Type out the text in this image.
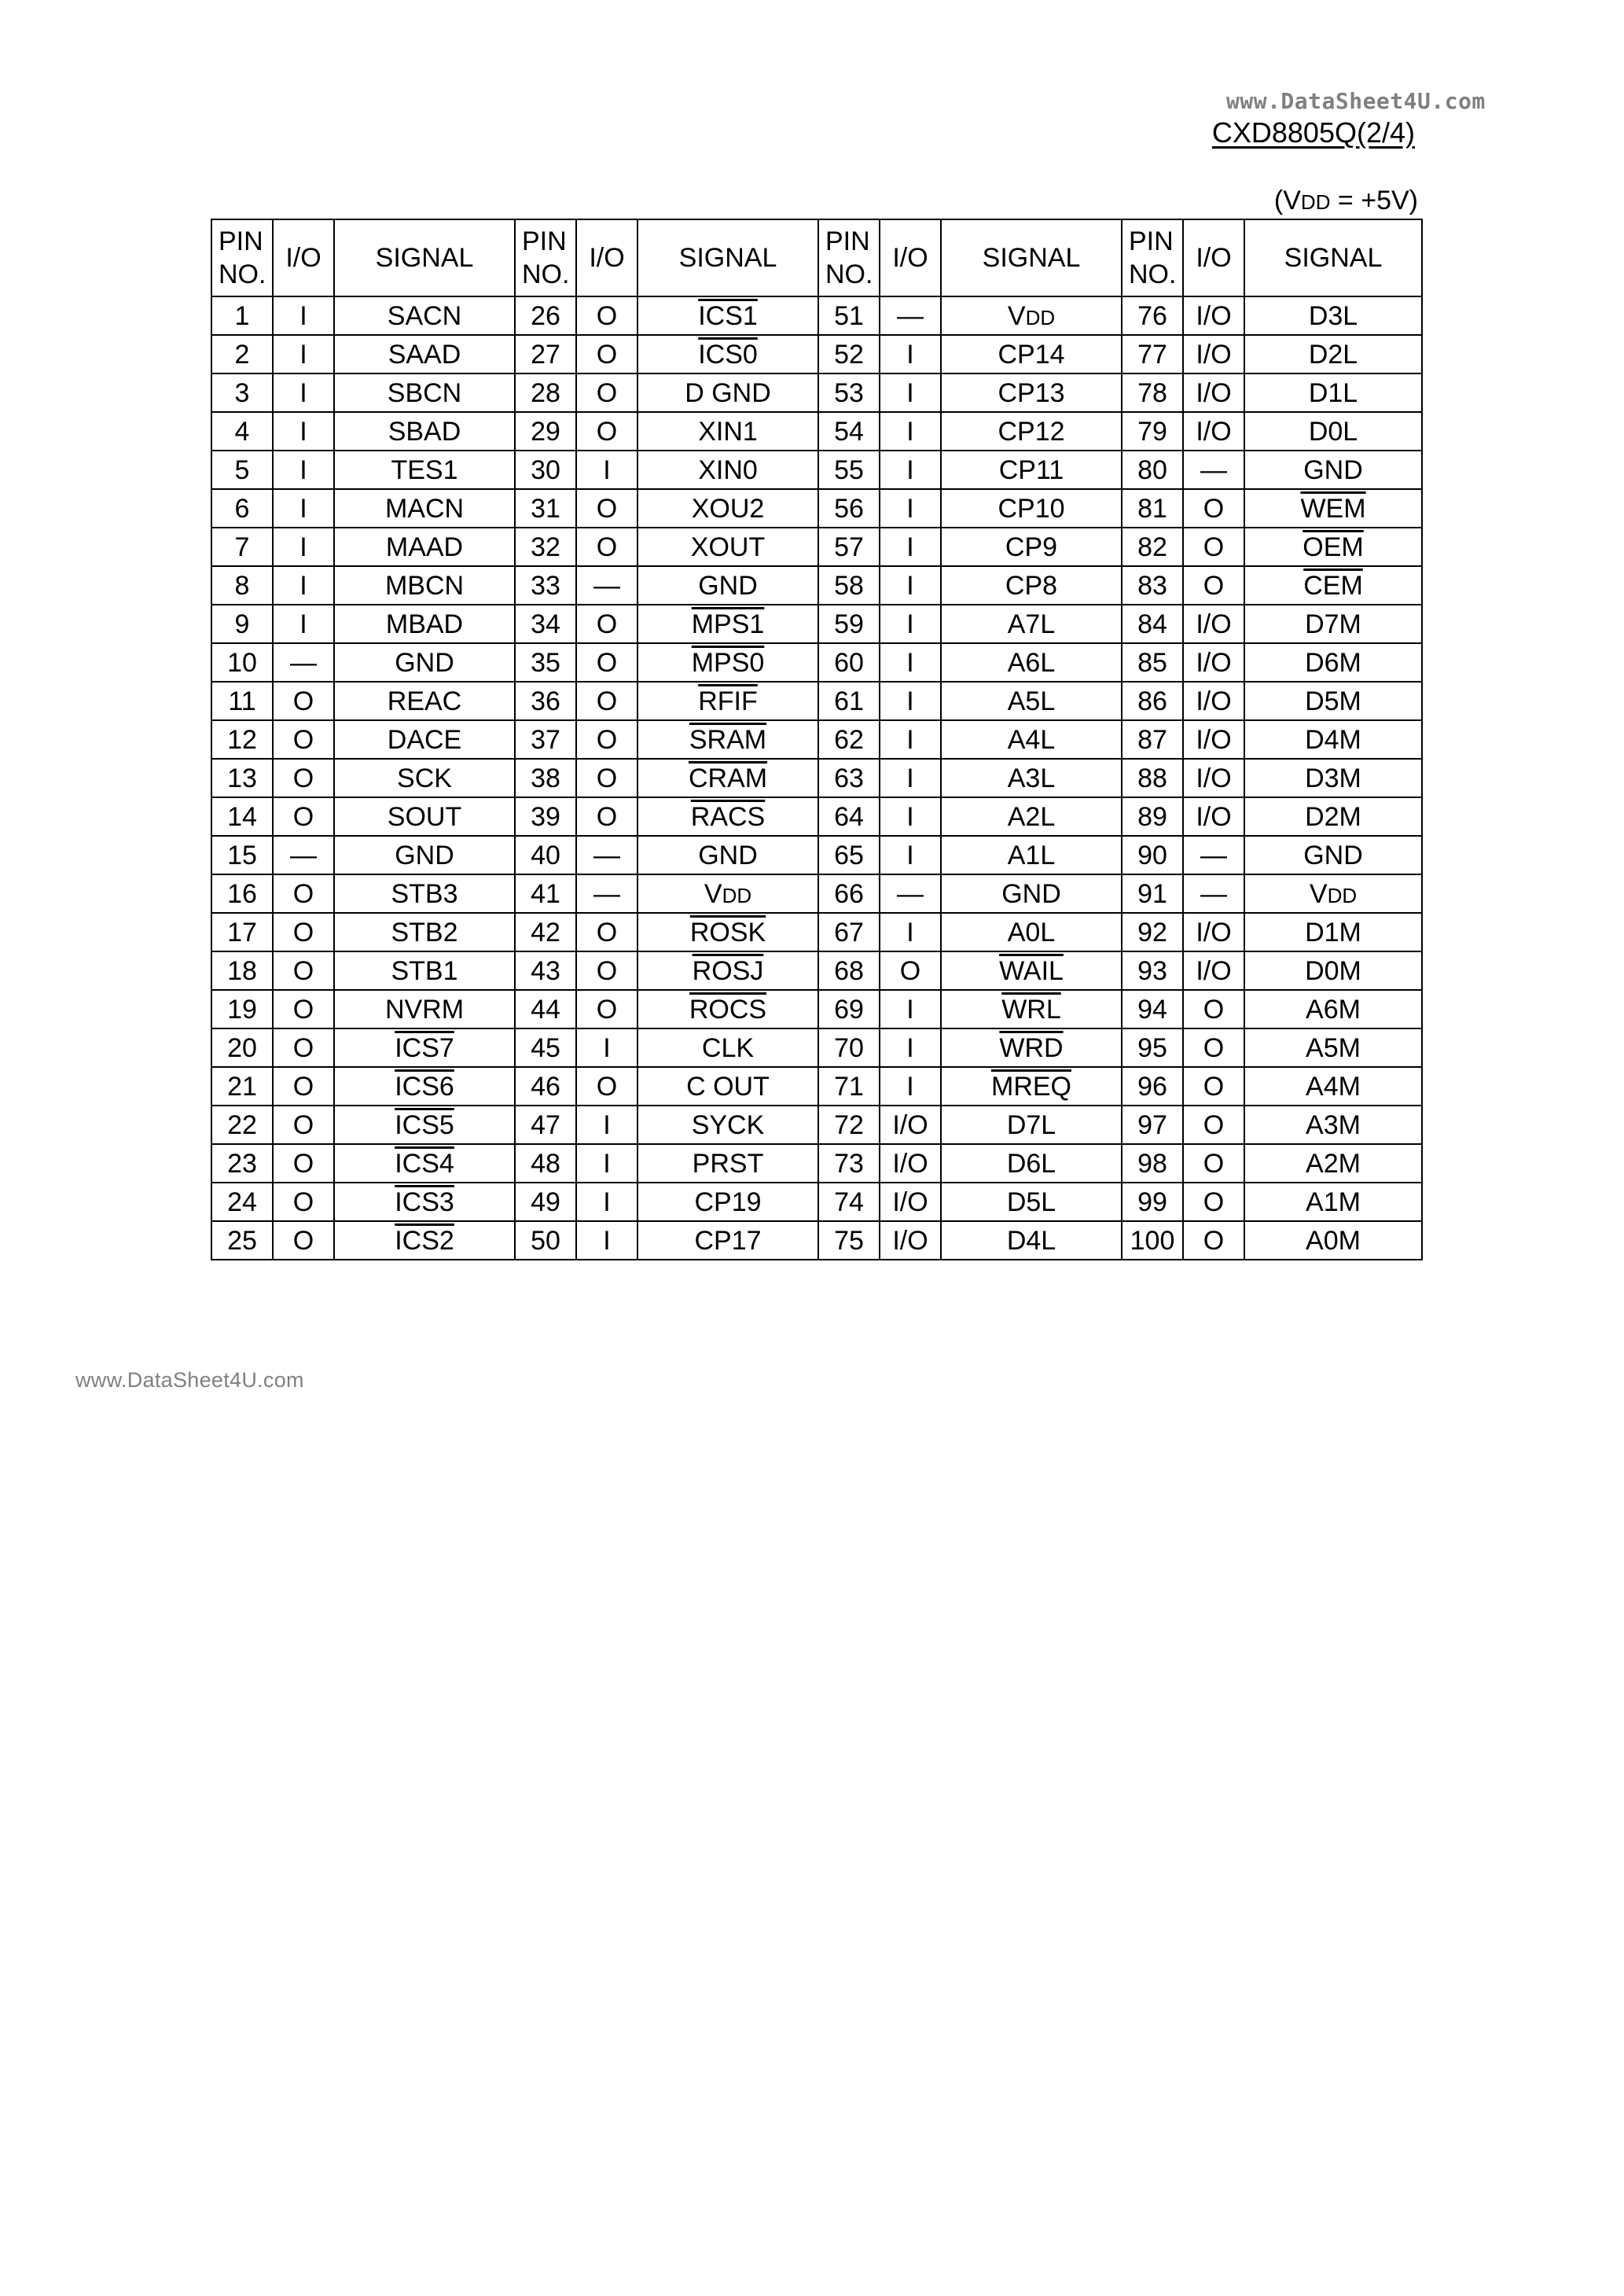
www.DataSheet4U.com
CXD8805Q(2/4)
(VDD = +5V)
PIN
NO.	I/O	SIGNAL	PIN
NO.	I/O	SIGNAL	PIN
NO.	I/O	SIGNAL	PIN
NO.	I/O	SIGNAL
1	I	SACN	26	O	ICS1	51	—	VDD	76	I/O	D3L
2	I	SAAD	27	O	ICS0	52	I	CP14	77	I/O	D2L
3	I	SBCN	28	O	D GND	53	I	CP13	78	I/O	D1L
4	I	SBAD	29	O	XIN1	54	I	CP12	79	I/O	D0L
5	I	TES1	30	I	XIN0	55	I	CP11	80	—	GND
6	I	MACN	31	O	XOU2	56	I	CP10	81	O	$\overline{WEM}$
7	I	MAAD	32	O	XOUT	57	I	CP9	82	O	$\overline{OEM}$
8	I	MBCN	33	—	GND	58	I	CP8	83	O	$\overline{CEM}$
9	I	MBAD	34	O	MPS1	59	I	A7L	84	I/O	D7M
10	—	GND	35	O	MPS0	60	I	A6L	85	I/O	D6M
11	O	REAC	36	O	RFIF	61	I	A5L	86	I/O	D5M
12	O	DACE	37	O	SRAM	62	I	A4L	87	I/O	D4M
13	O	SCK	38	O	CRAM	63	I	A3L	88	I/O	D3M
14	O	SOUT	39	O	RACS	64	I	A2L	89	I/O	D2M
15	—	GND	40	—	GND	65	I	A1L	90	—	GND
16	O	STB3	41	—	VDD	66	—	GND	91	—	VDD
17	O	STB2	42	O	ROSK	67	I	A0L	92	I/O	D1M
18	O	STB1	43	O	ROSJ	68	O	WAIL	93	I/O	D0M
19	O	NVRM	44	O	ROCS	69	I	$\overline{WRL}$	94	O	A6M
20	O	ICS7	45	I	CLK	70	I	$\overline{WRD}$	95	O	A5M
21	O	ICS6	46	O	C OUT	71	I	MREQ	96	O	A4M
22	O	ICS5	47	I	SYCK	72	I/O	D7L	97	O	A3M
23	O	ICS4	48	I	PRST	73	I/O	D6L	98	O	A2M
24	O	ICS3	49	I	CP19	74	I/O	D5L	99	O	A1M
25	O	ICS2	50	I	CP17	75	I/O	D4L	100	O	A0M
www.DataSheet4U.com
